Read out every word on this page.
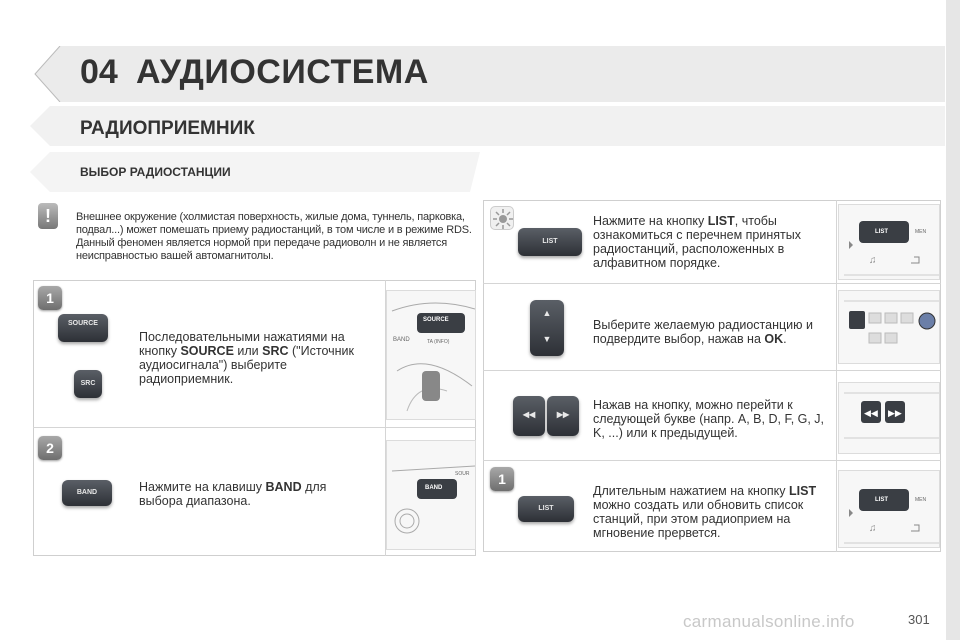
04 АУДИОСИСТЕМА
РАДИОПРИЕМНИК
ВЫБОР РАДИОСТАНЦИИ
!	Внешнее окружение (холмистая поверхность, жилые дома, туннель, парковка, подвал...) может помешать приему радиостанций, в том числе и в режиме RDS. Данный феномен является нормой при передаче радиоволн и не является неисправностью вашей автомагнитолы.
1
SOURCE
SRC
Последовательными нажатиями на кнопку SOURCE или SRC ("Источник аудиосигнала") выберите радиоприемник.
SOURCE
TA (INFO)
BAND
2
BAND	Нажмите на клавишу BAND для выбора диапазона.
BAND
SOUR
LIST
Нажмите на кнопку LIST, чтобы ознакомиться с перечнем принятых радиостанций, расположенных в алфавитном порядке.	♫
LIST	MEN
▲
▼
Выберите желаемую радиостанцию и подвердите выбор, нажав на OK.
◀◀	▶▶
Нажав на кнопку, можно перейти к следующей букве (напр. A, B, D, F, G, J, K, ...) или к предыдущей.
◀◀ ▶▶
1
LIST
Длительным нажатием на кнопку LIST можно создать или обновить список станций, при этом радиоприем на мгновение прервется.	♫
LIST	MEN
carmanualsonline.info	301
